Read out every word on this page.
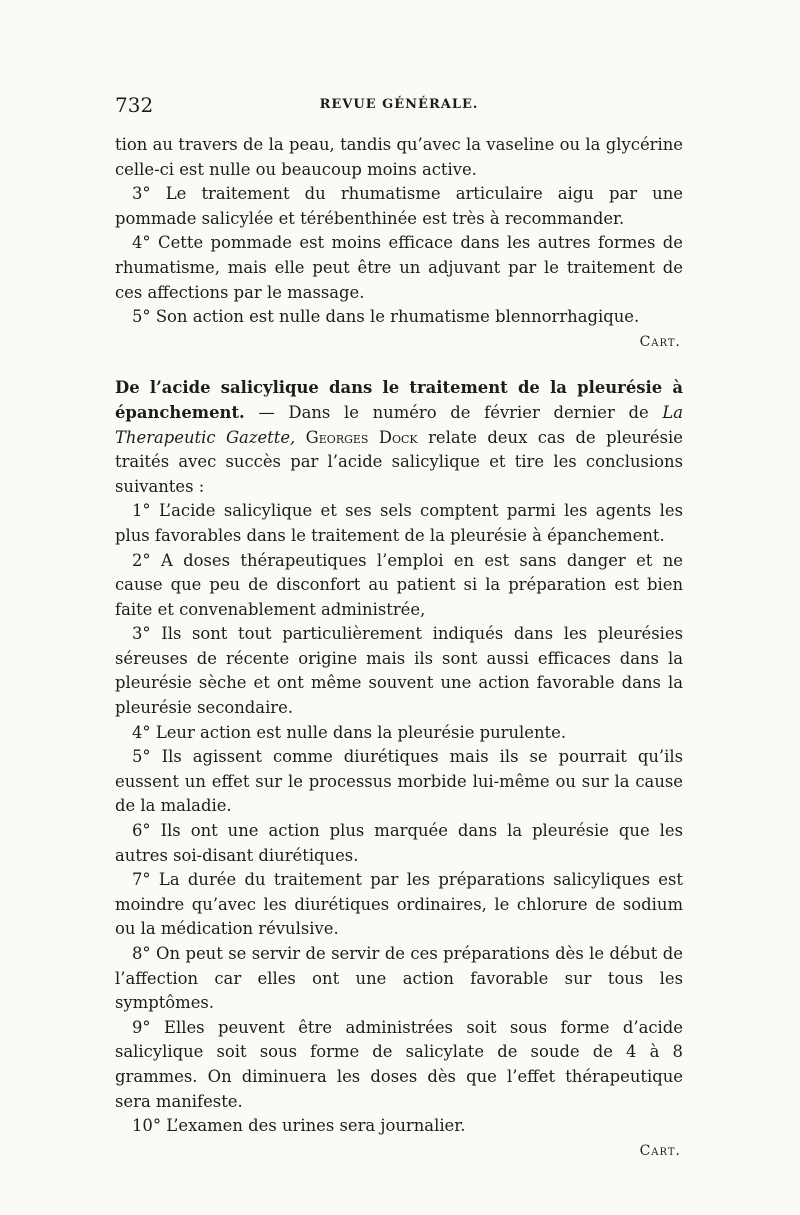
732	REVUE GÉNÉRALE.

tion au travers de la peau, tandis qu’avec la vaseline ou la glycérine celle-ci est nulle ou beaucoup moins active.

3° Le traitement du rhumatisme articulaire aigu par une pommade salicylée et térébenthinée est très à recommander.

4° Cette pommade est moins efficace dans les autres formes de rhumatisme, mais elle peut être un adjuvant par le traitement de ces affections par le massage.

5° Son action est nulle dans le rhumatisme blennorrhagique.

Cart.

De l’acide salicylique dans le traitement de la pleurésie à épanchement. — Dans le numéro de février dernier de La Therapeutic Gazette, Georges Dock relate deux cas de pleurésie traités avec succès par l’acide salicylique et tire les conclusions suivantes :

1° L’acide salicylique et ses sels comptent parmi les agents les plus favorables dans le traitement de la pleurésie à épanchement.

2° A doses thérapeutiques l’emploi en est sans danger et ne cause que peu de disconfort au patient si la préparation est bien faite et convenablement administrée,

3° Ils sont tout particulièrement indiqués dans les pleurésies séreuses de récente origine mais ils sont aussi efficaces dans la pleurésie sèche et ont même souvent une action favorable dans la pleurésie secondaire.

4° Leur action est nulle dans la pleurésie purulente.

5° Ils agissent comme diurétiques mais ils se pourrait qu’ils eussent un effet sur le processus morbide lui-même ou sur la cause de la maladie.

6° Ils ont une action plus marquée dans la pleurésie que les autres soi-disant diurétiques.

7° La durée du traitement par les préparations salicyliques est moindre qu’avec les diurétiques ordinaires, le chlorure de sodium ou la médication révulsive.

8° On peut se servir de servir de ces préparations dès le début de l’affection car elles ont une action favorable sur tous les symptômes.

9° Elles peuvent être administrées soit sous forme d’acide salicylique soit sous forme de salicylate de soude de 4 à 8 grammes. On diminuera les doses dès que l’effet thérapeutique sera manifeste.

10° L’examen des urines sera journalier.

Cart.
